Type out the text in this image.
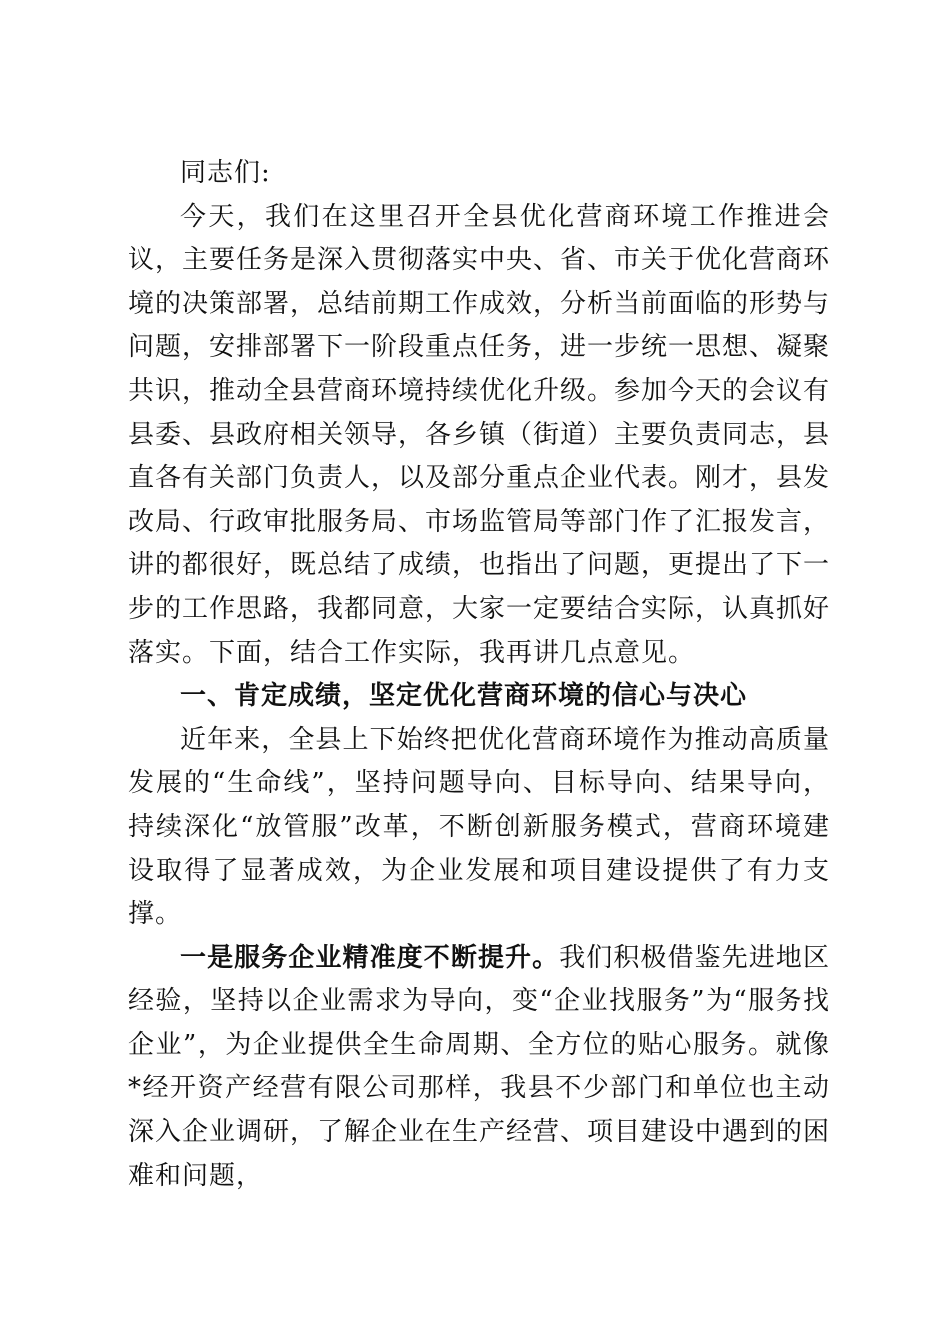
同志们:

今天，我们在这里召开全县优化营商环境工作推进会议，主要任务是深入贯彻落实中央、省、市关于优化营商环境的决策部署，总结前期工作成效，分析当前面临的形势与问题，安排部署下一阶段重点任务，进一步统一思想、凝聚共识，推动全县营商环境持续优化升级。参加今天的会议有县委、县政府相关领导，各乡镇（街道）主要负责同志，县直各有关部门负责人，以及部分重点企业代表。刚才，县发改局、行政审批服务局、市场监管局等部门作了汇报发言，讲的都很好，既总结了成绩，也指出了问题，更提出了下一步的工作思路，我都同意，大家一定要结合实际，认真抓好落实。下面，结合工作实际，我再讲几点意见。

一、肯定成绩，坚定优化营商环境的信心与决心

近年来，全县上下始终把优化营商环境作为推动高质量发展的“生命线”，坚持问题导向、目标导向、结果导向，持续深化“放管服”改革，不断创新服务模式，营商环境建设取得了显著成效，为企业发展和项目建设提供了有力支撑。

一是服务企业精准度不断提升。我们积极借鉴先进地区经验，坚持以企业需求为导向，变“企业找服务”为“服务找企业”，为企业提供全生命周期、全方位的贴心服务。就像*经开资产经营有限公司那样，我县不少部门和单位也主动深入企业调研，了解企业在生产经营、项目建设中遇到的困难和问题，
